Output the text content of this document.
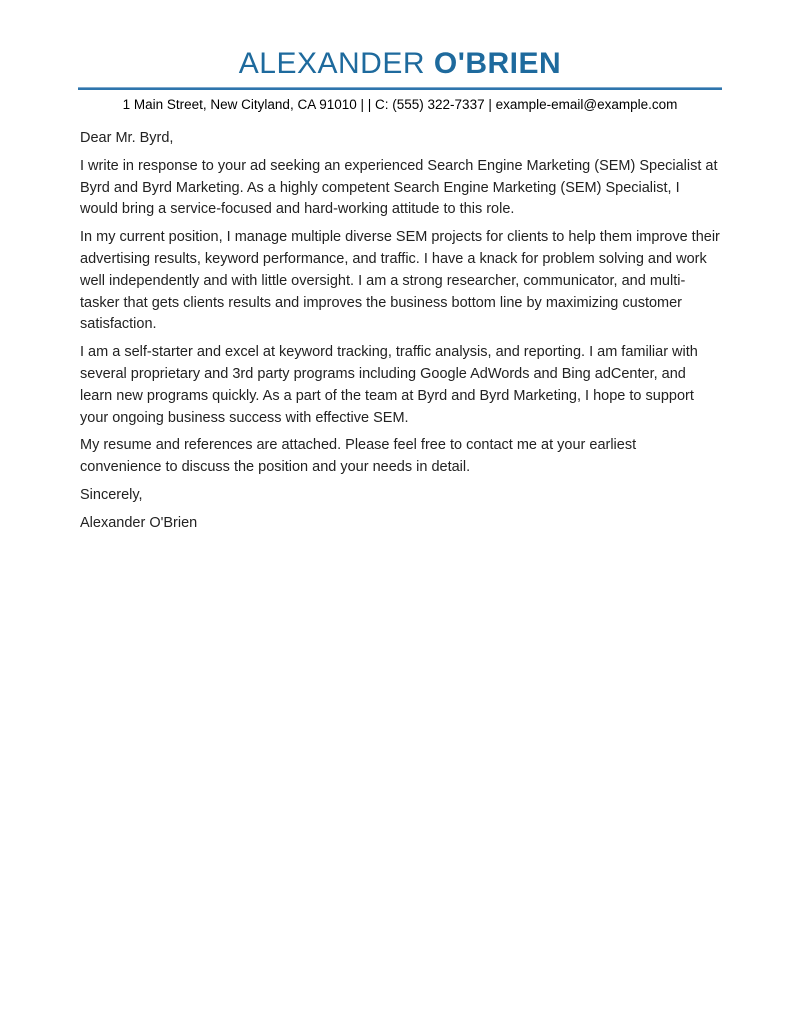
ALEXANDER O'BRIEN
1 Main Street, New Cityland, CA 91010 | | C: (555) 322-7337 | example-email@example.com

Dear Mr. Byrd,

I write in response to your ad seeking an experienced Search Engine Marketing (SEM) Specialist at Byrd and Byrd Marketing. As a highly competent Search Engine Marketing (SEM) Specialist, I would bring a service-focused and hard-working attitude to this role.

In my current position, I manage multiple diverse SEM projects for clients to help them improve their advertising results, keyword performance, and traffic. I have a knack for problem solving and work well independently and with little oversight. I am a strong researcher, communicator, and multi-tasker that gets clients results and improves the business bottom line by maximizing customer satisfaction.

I am a self-starter and excel at keyword tracking, traffic analysis, and reporting. I am familiar with several proprietary and 3rd party programs including Google AdWords and Bing adCenter, and learn new programs quickly. As a part of the team at Byrd and Byrd Marketing, I hope to support your ongoing business success with effective SEM.

My resume and references are attached. Please feel free to contact me at your earliest convenience to discuss the position and your needs in detail.

Sincerely,

Alexander O'Brien
